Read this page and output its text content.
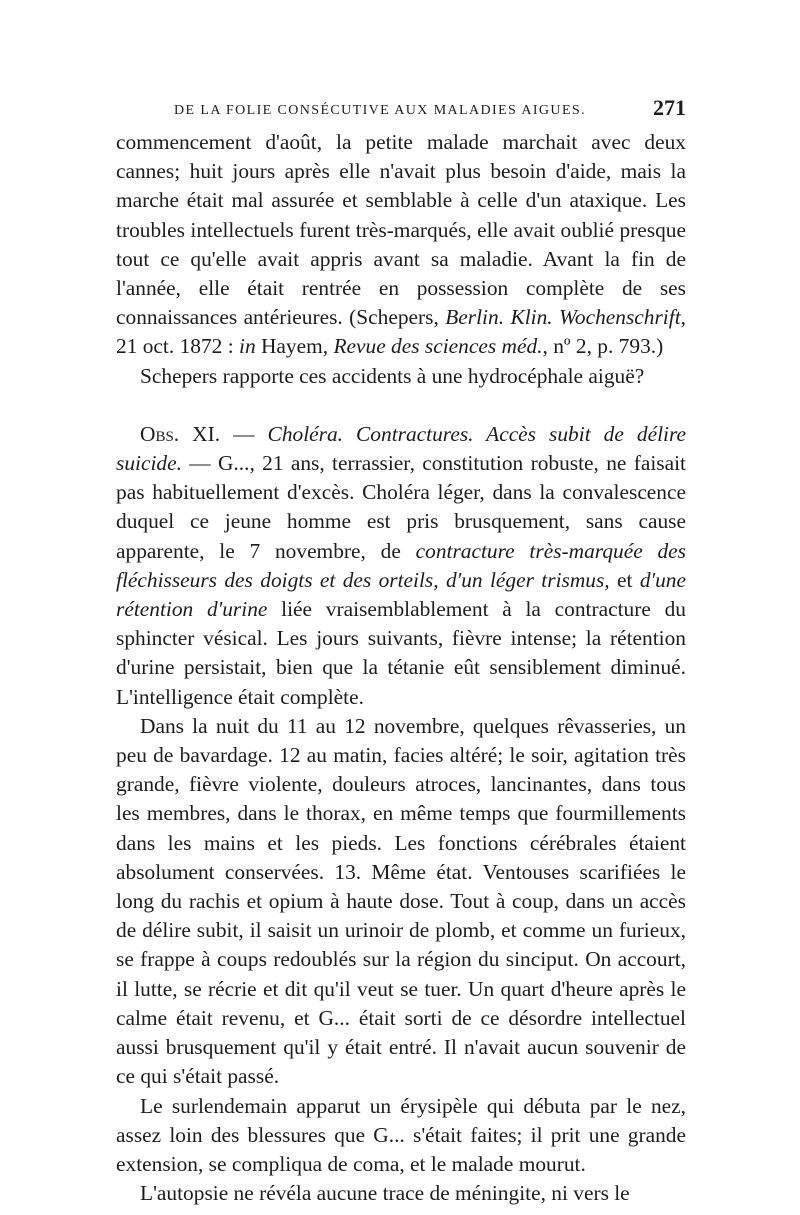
DE LA FOLIE CONSÉCUTIVE AUX MALADIES AIGUES.	271

commencement d'août, la petite malade marchait avec deux cannes; huit jours après elle n'avait plus besoin d'aide, mais la marche était mal assurée et semblable à celle d'un ataxique. Les troubles intellectuels furent très-marqués, elle avait oublié presque tout ce qu'elle avait appris avant sa maladie. Avant la fin de l'année, elle était rentrée en possession complète de ses connaissances antérieures. (Schepers, Berlin. Klin. Wochenschrift, 21 oct. 1872 : in Hayem, Revue des sciences méd., nº 2, p. 793.)

Schepers rapporte ces accidents à une hydrocéphale aiguë?

Obs. XI. — Choléra. Contractures. Accès subit de délire suicide. — G..., 21 ans, terrassier, constitution robuste, ne faisait pas habituellement d'excès. Choléra léger, dans la convalescence duquel ce jeune homme est pris brusquement, sans cause apparente, le 7 novembre, de contracture très-marquée des fléchisseurs des doigts et des orteils, d'un léger trismus, et d'une rétention d'urine liée vraisemblablement à la contracture du sphincter vésical. Les jours suivants, fièvre intense; la rétention d'urine persistait, bien que la tétanie eût sensiblement diminué. L'intelligence était complète.

Dans la nuit du 11 au 12 novembre, quelques rêvasseries, un peu de bavardage. 12 au matin, facies altéré; le soir, agitation très grande, fièvre violente, douleurs atroces, lancinantes, dans tous les membres, dans le thorax, en même temps que fourmillements dans les mains et les pieds. Les fonctions cérébrales étaient absolument conservées. 13. Même état. Ventouses scarifiées le long du rachis et opium à haute dose. Tout à coup, dans un accès de délire subit, il saisit un urinoir de plomb, et comme un furieux, se frappe à coups redoublés sur la région du sinciput. On accourt, il lutte, se récrie et dit qu'il veut se tuer. Un quart d'heure après le calme était revenu, et G... était sorti de ce désordre intellectuel aussi brusquement qu'il y était entré. Il n'avait aucun souvenir de ce qui s'était passé.

Le surlendemain apparut un érysipèle qui débuta par le nez, assez loin des blessures que G... s'était faites; il prit une grande extension, se compliqua de coma, et le malade mourut.

L'autopsie ne révéla aucune trace de méningite, ni vers le
